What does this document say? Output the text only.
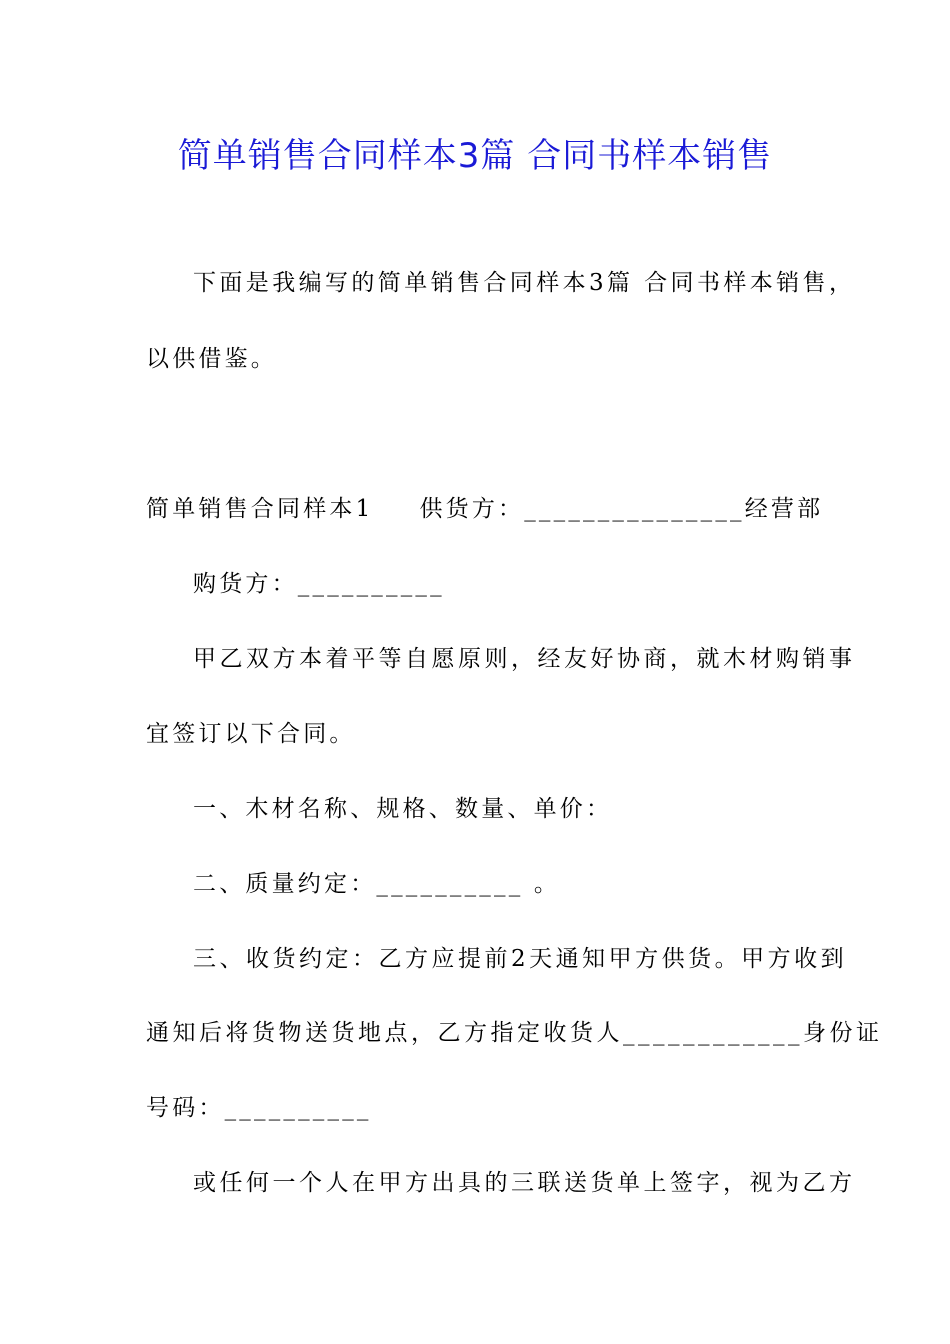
简单销售合同样本3篇 合同书样本销售
下面是我编写的简单销售合同样本3篇 合同书样本销售，
以供借鉴。
简单销售合同样本1 供货方：_______________经营部
购货方：__________
甲乙双方本着平等自愿原则，经友好协商，就木材购销事
宜签订以下合同。
一、木材名称、规格、数量、单价：
二、质量约定：__________ 。
三、收货约定：乙方应提前2天通知甲方供货。甲方收到
通知后将货物送货地点，乙方指定收货人____________身份证
号码：__________
或任何一个人在甲方出具的三联送货单上签字，视为乙方
